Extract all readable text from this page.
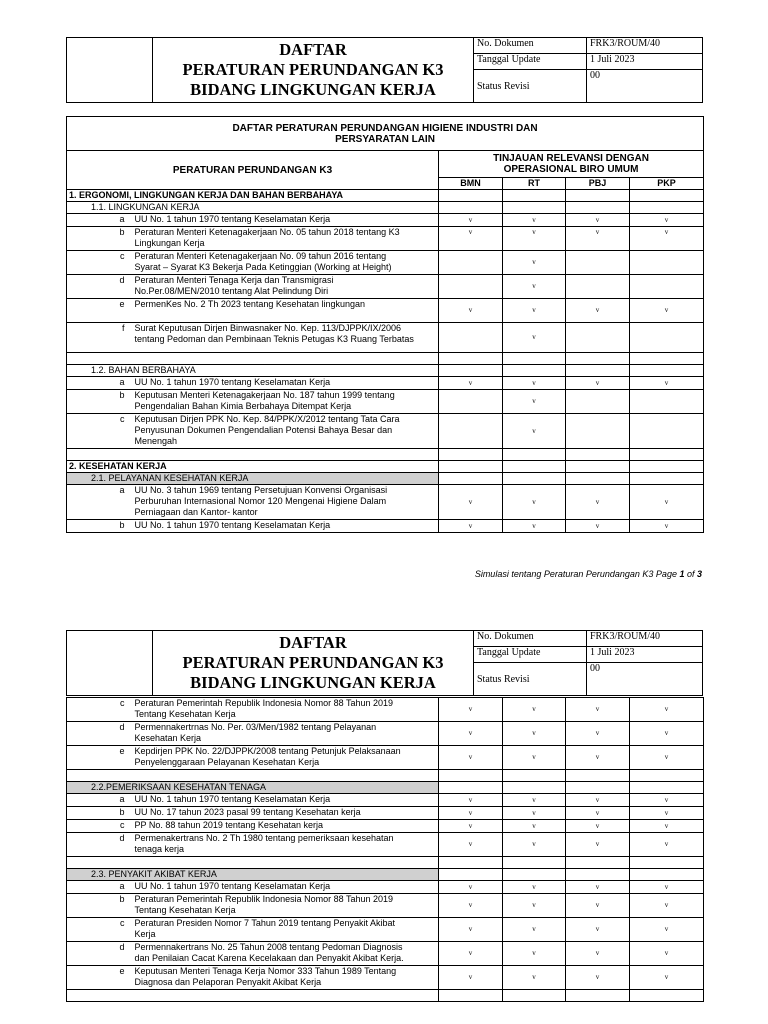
	DAFTAR
PERATURAN PERUNDANGAN K3
BIDANG LINGKUNGAN KERJA	No. Dokumen	FRK3/ROUM/40
		Tanggal Update	1 Juli 2023
		Status Revisi	00
DAFTAR PERATURAN PERUNDANGAN HIGIENE INDUSTRI DAN
PERSYARATAN LAIN					

PERATURAN PERUNDANGAN K3		TINJAUAN RELEVANSI DENGAN
OPERASIONAL BIRO UMUM			

		BMN	RT	PBJ	PKP
1. ERGONOMI, LINGKUNGAN KERJA DAN BAHAN BERBAHAYA					
1.1. LINGKUNGAN KERJA					
a	UU No. 1 tahun 1970 tentang Keselamatan Kerja	v	v	v	v
b	Peraturan Menteri Ketenagakerjaan No. 05 tahun 2018 tentang K3
Lingkungan Kerja	v	v	v	v
c	Peraturan Menteri Ketenagakerjaan No. 09 tahun 2016 tentang
Syarat – Syarat K3 Bekerja Pada Ketinggian (Working at Height)		v		
d	Peraturan Menteri Tenaga Kerja dan Transmigrasi
No.Per.08/MEN/2010 tentang Alat Pelindung Diri		v		
e	PermenKes No. 2 Th 2023 tentang Kesehatan lingkungan	v	v	v	v
f	Surat Keputusan Dirjen Binwasnaker No. Kep. 113/DJPPK/IX/2006
tentang Pedoman dan Pembinaan Teknis Petugas K3 Ruang Terbatas		v		

1.2. BAHAN BERBAHAYA					
a	UU No. 1 tahun 1970 tentang Keselamatan Kerja	v	v	v	v
b	Keputusan Menteri Ketenagakerjaan No. 187 tahun 1999 tentang
Pengendalian Bahan Kimia Berbahaya Ditempat Kerja		v		
c	Keputusan Dirjen PPK No. Kep. 84/PPK/X/2012 tentang Tata Cara
Penyusunan Dokumen Pengendalian Potensi Bahaya Besar dan
Menengah		v		

2. KESEHATAN KERJA					
2.1. PELAYANAN KESEHATAN KERJA					
a	UU No. 3 tahun 1969 tentang Persetujuan Konvensi Organisasi
Perburuhan Internasional Nomor 120 Mengenai Higiene Dalam
Perniagaan dan Kantor- kantor	v	v	v	v
b	UU No. 1 tahun 1970 tentang Keselamatan Kerja	v	v	v	v
Simulasi tentang Peraturan Perundangan K3 Page 1 of 3

	DAFTAR
PERATURAN PERUNDANGAN K3
BIDANG LINGKUNGAN KERJA	No. Dokumen	FRK3/ROUM/40
		Tanggal Update	1 Juli 2023
		Status Revisi	00
c	Peraturan Pemerintah Republik Indonesia Nomor 88 Tahun 2019
Tentang Kesehatan Kerja	v	v	v	v
d	Permennakertrnas No. Per. 03/Men/1982 tentang Pelayanan
Kesehatan Kerja	v	v	v	v
e	Kepdirjen PPK No. 22/DJPPK/2008 tentang Petunjuk Pelaksanaan
Penyelenggaraan Pelayanan Kesehatan Kerja	v	v	v	v

2.2.PEMERIKSAAN KESEHATAN TENAGA					
a	UU No. 1 tahun 1970 tentang Keselamatan Kerja	v	v	v	v
b	UU No. 17 tahun 2023 pasal 99 tentang Kesehatan kerja	v	v	v	v
c	PP No. 88 tahun 2019 tentang Kesehatan kerja	v	v	v	v
d	Permenakertrans No. 2 Th 1980 tentang pemeriksaan kesehatan
tenaga kerja	v	v	v	v

2.3. PENYAKIT AKIBAT KERJA					
a	UU No. 1 tahun 1970 tentang Keselamatan Kerja	v	v	v	v
b	Peraturan Pemerintah Republik Indonesia Nomor 88 Tahun 2019
Tentang Kesehatan Kerja	v	v	v	v
c	Peraturan Presiden Nomor 7 Tahun 2019 tentang Penyakit Akibat
Kerja	v	v	v	v
d	Permennakertrans No. 25 Tahun 2008 tentang Pedoman Diagnosis
dan Penilaian Cacat Karena Kecelakaan dan Penyakit Akibat Kerja.	v	v	v	v
e	Keputusan Menteri Tenaga Kerja Nomor 333 Tahun 1989 Tentang
Diagnosa dan Pelaporan Penyakit Akibat Kerja	v	v	v	v
